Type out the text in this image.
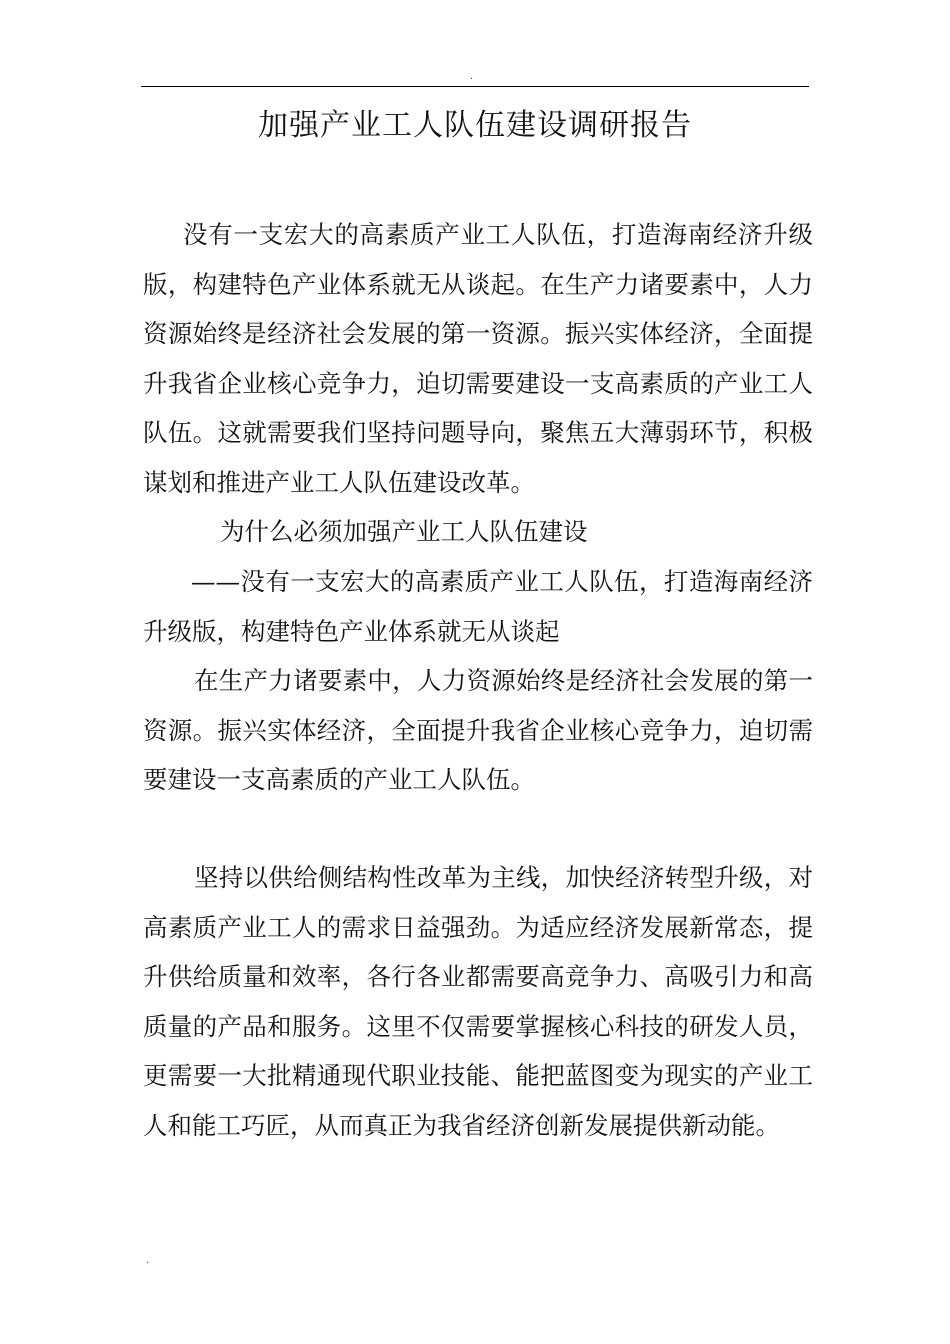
.
加强产业工人队伍建设调研报告

没有一支宏大的高素质产业工人队伍，打造海南经济升级版，构建特色产业体系就无从谈起。在生产力诸要素中，人力资源始终是经济社会发展的第一资源。振兴实体经济，全面提升我省企业核心竞争力，迫切需要建设一支高素质的产业工人队伍。这就需要我们坚持问题导向，聚焦五大薄弱环节，积极谋划和推进产业工人队伍建设改革。

为什么必须加强产业工人队伍建设

——没有一支宏大的高素质产业工人队伍，打造海南经济升级版，构建特色产业体系就无从谈起

在生产力诸要素中，人力资源始终是经济社会发展的第一资源。振兴实体经济，全面提升我省企业核心竞争力，迫切需要建设一支高素质的产业工人队伍。

坚持以供给侧结构性改革为主线，加快经济转型升级，对高素质产业工人的需求日益强劲。为适应经济发展新常态，提升供给质量和效率，各行各业都需要高竞争力、高吸引力和高质量的产品和服务。这里不仅需要掌握核心科技的研发人员，更需要一大批精通现代职业技能、能把蓝图变为现实的产业工人和能工巧匠，从而真正为我省经济创新发展提供新动能。

.
